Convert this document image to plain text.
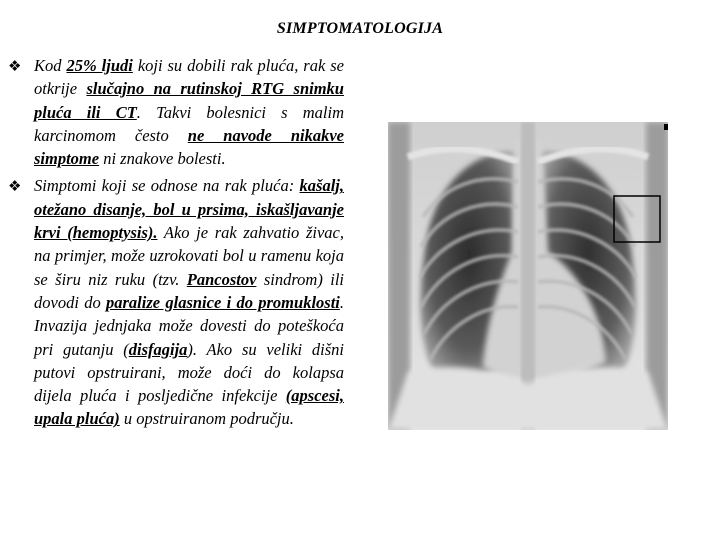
SIMPTOMATOLOGIJA
❖ Kod 25% ljudi koji su dobili rak pluća, rak se otkrije slučajno na rutinskoj RTG snimku pluća ili CT. Takvi bolesnici s malim karcinomom često ne navode nikakve simptome ni znakove bolesti.

❖ Simptomi koji se odnose na rak pluća: kašalj, otežano disanje, bol u prsima, iskašljavanje krvi (hemoptysis). Ako je rak zahvatio živac, na primjer, može uzrokovati bol u ramenu koja se širu niz ruku (tzv. Pancostov sindrom) ili dovodi do paralize glasnice i do promuklosti. Invazija jednjaka može dovesti do poteškoća pri gutanju (disfagija). Ako su veliki dišni putovi opstruirani, može doći do kolapsa dijela pluća i posljedične infekcije (apscesi, upala pluća) u opstruiranom području.
